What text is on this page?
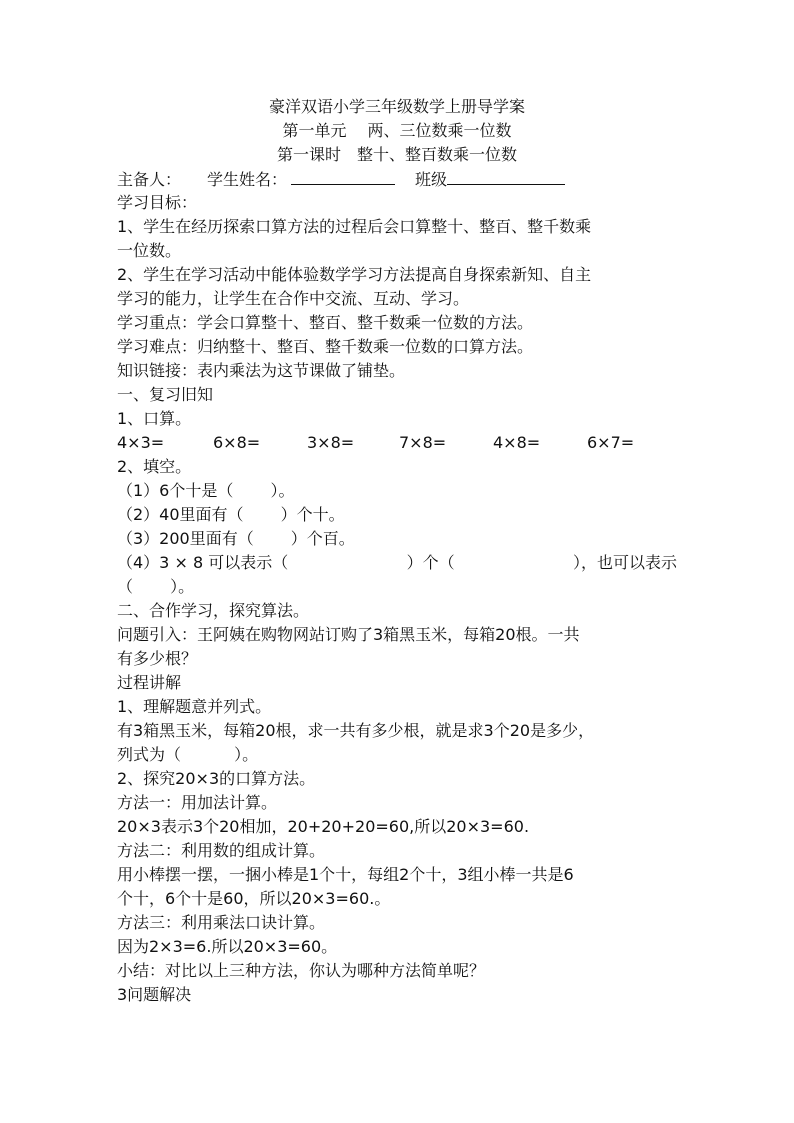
豪洋双语小学三年级数学上册导学案
第一单元　 两、三位数乘一位数
第一课时　整十、整百数乘一位数
主备人： 学生姓名：	班级
学习目标：
1、学生在经历探索口算方法的过程后会口算整十、整百、整千数乘
一位数。
2、学生在学习活动中能体验数学学习方法提高自身探索新知、自主
学习的能力，让学生在合作中交流、互动、学习。
学习重点：学会口算整十、整百、整千数乘一位数的方法。
学习难点：归纳整十、整百、整千数乘一位数的口算方法。
知识链接：表内乘法为这节课做了铺垫。
一、复习旧知
1、口算。
4×3=	6×8=	3×8=	7×8=	4×8=	6×7=
2、填空。
（1）6个十是（　　 ）。
（2）40里面有（　　 ）个十。
（3）200里面有（　　 ）个百。
（4）3 × 8 可以表示（	）个（	），也可以表示
（　　 ）。
二、合作学习，探究算法。
问题引入：王阿姨在购物网站订购了3箱黑玉米，每箱20根。一共
有多少根？
过程讲解
1、理解题意并列式。
有3箱黑玉米，每箱20根，求一共有多少根，就是求3个20是多少，
列式为（　　　 ）。
2、探究20×3的口算方法。
方法一：用加法计算。
20×3表示3个20相加，20+20+20=60,所以20×3=60.
方法二：利用数的组成计算。
用小棒摆一摆，一捆小棒是1个十，每组2个十，3组小棒一共是6
个十，6个十是60，所以20×3=60.。
方法三：利用乘法口诀计算。
因为2×3=6.所以20×3=60。
小结：对比以上三种方法，你认为哪种方法简单呢？
3问题解决
